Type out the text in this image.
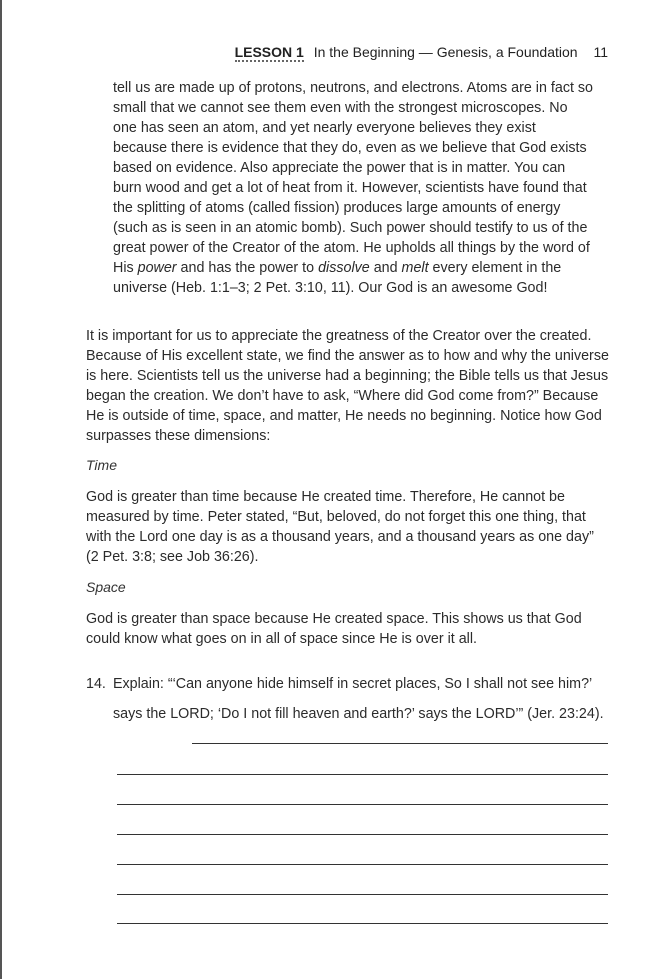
LESSON 1 In the Beginning — Genesis, a Foundation 11

tell us are made up of protons, neutrons, and electrons. Atoms are in fact so small that we cannot see them even with the strongest microscopes. No one has seen an atom, and yet nearly everyone believes they exist because there is evidence that they do, even as we believe that God exists based on evidence. Also appreciate the power that is in matter. You can burn wood and get a lot of heat from it. However, scientists have found that the splitting of atoms (called fission) produces large amounts of energy (such as is seen in an atomic bomb). Such power should testify to us of the great power of the Creator of the atom. He upholds all things by the word of His power and has the power to dissolve and melt every element in the universe (Heb. 1:1–3; 2 Pet. 3:10, 11). Our God is an awesome God!

It is important for us to appreciate the greatness of the Creator over the created. Because of His excellent state, we find the answer as to how and why the universe is here. Scientists tell us the universe had a beginning; the Bible tells us that Jesus began the creation. We don’t have to ask, “Where did God come from?” Because He is outside of time, space, and matter, He needs no beginning. Notice how God surpasses these dimensions:

Time

God is greater than time because He created time. Therefore, He cannot be measured by time. Peter stated, “But, beloved, do not forget this one thing, that with the Lord one day is as a thousand years, and a thousand years as one day” (2 Pet. 3:8; see Job 36:26).

Space

God is greater than space because He created space. This shows us that God could know what goes on in all of space since He is over it all.

14. Explain: “‘Can anyone hide himself in secret places, So I shall not see him?’ says the LORD; ‘Do I not fill heaven and earth?’ says the LORD’” (Jer. 23:24).
